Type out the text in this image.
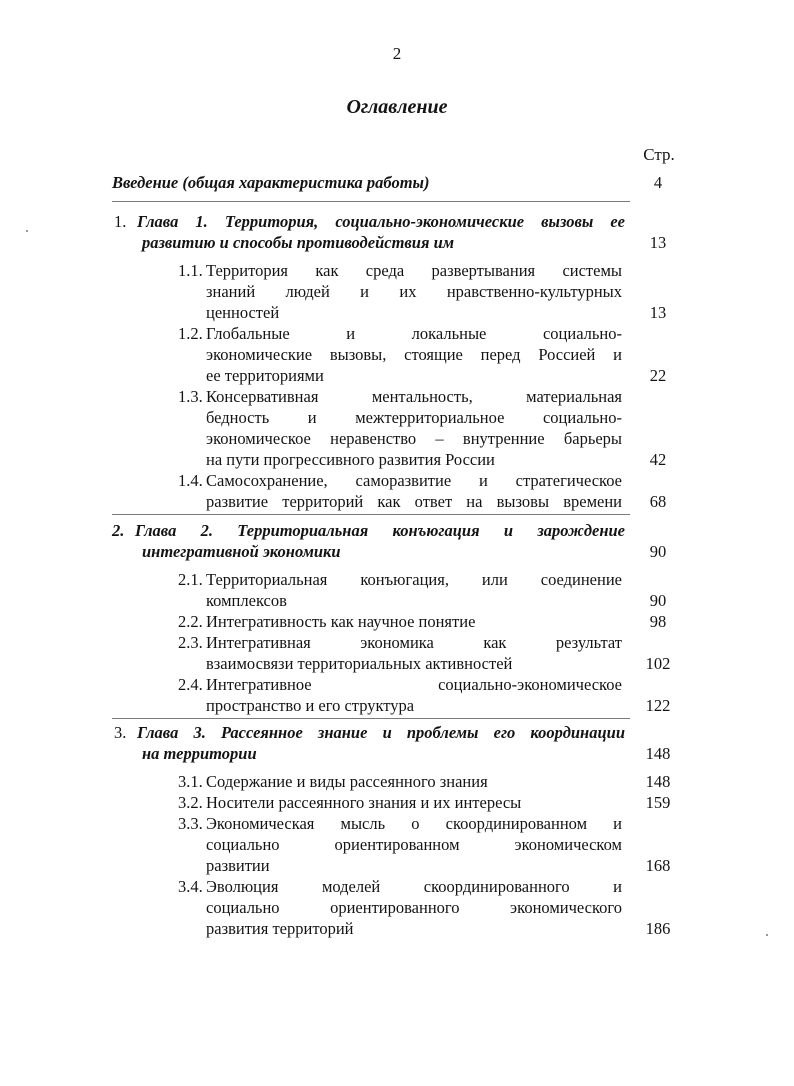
2
Оглавление
Стр.
Введение (общая характеристика работы)	4
1. Глава 1. Территория, социально-экономические вызовы ее
развитию и способы противодействия им	13
1.1. Территория как среда развертывания системы
знаний людей и их нравственно-культурных
ценностей	13
1.2. Глобальные и локальные социально-
экономические вызовы, стоящие перед Россией и
ее территориями	22
1.3. Консервативная ментальность, материальная
бедность и межтерриториальное социально-
экономическое неравенство – внутренние барьеры
на пути прогрессивного развития России	42
1.4. Самосохранение, саморазвитие и стратегическое
развитие территорий как ответ на вызовы времени	68
2. Глава 2. Территориальная конъюгация и зарождение
интегративной экономики	90
2.1. Территориальная конъюгация, или соединение
комплексов	90
2.2. Интегративность как научное понятие	98
2.3. Интегративная экономика как результат
взаимосвязи территориальных активностей	102
2.4. Интегративное социально-экономическое
пространство и его структура	122
3. Глава 3. Рассеянное знание и проблемы его координации
на территории	148
3.1. Содержание и виды рассеянного знания	148
3.2. Носители рассеянного знания и их интересы	159
3.3. Экономическая мысль о скоординированном и
социально ориентированном экономическом
развитии	168
3.4. Эволюция моделей скоординированного и
социально ориентированного экономического
развития территорий	186
